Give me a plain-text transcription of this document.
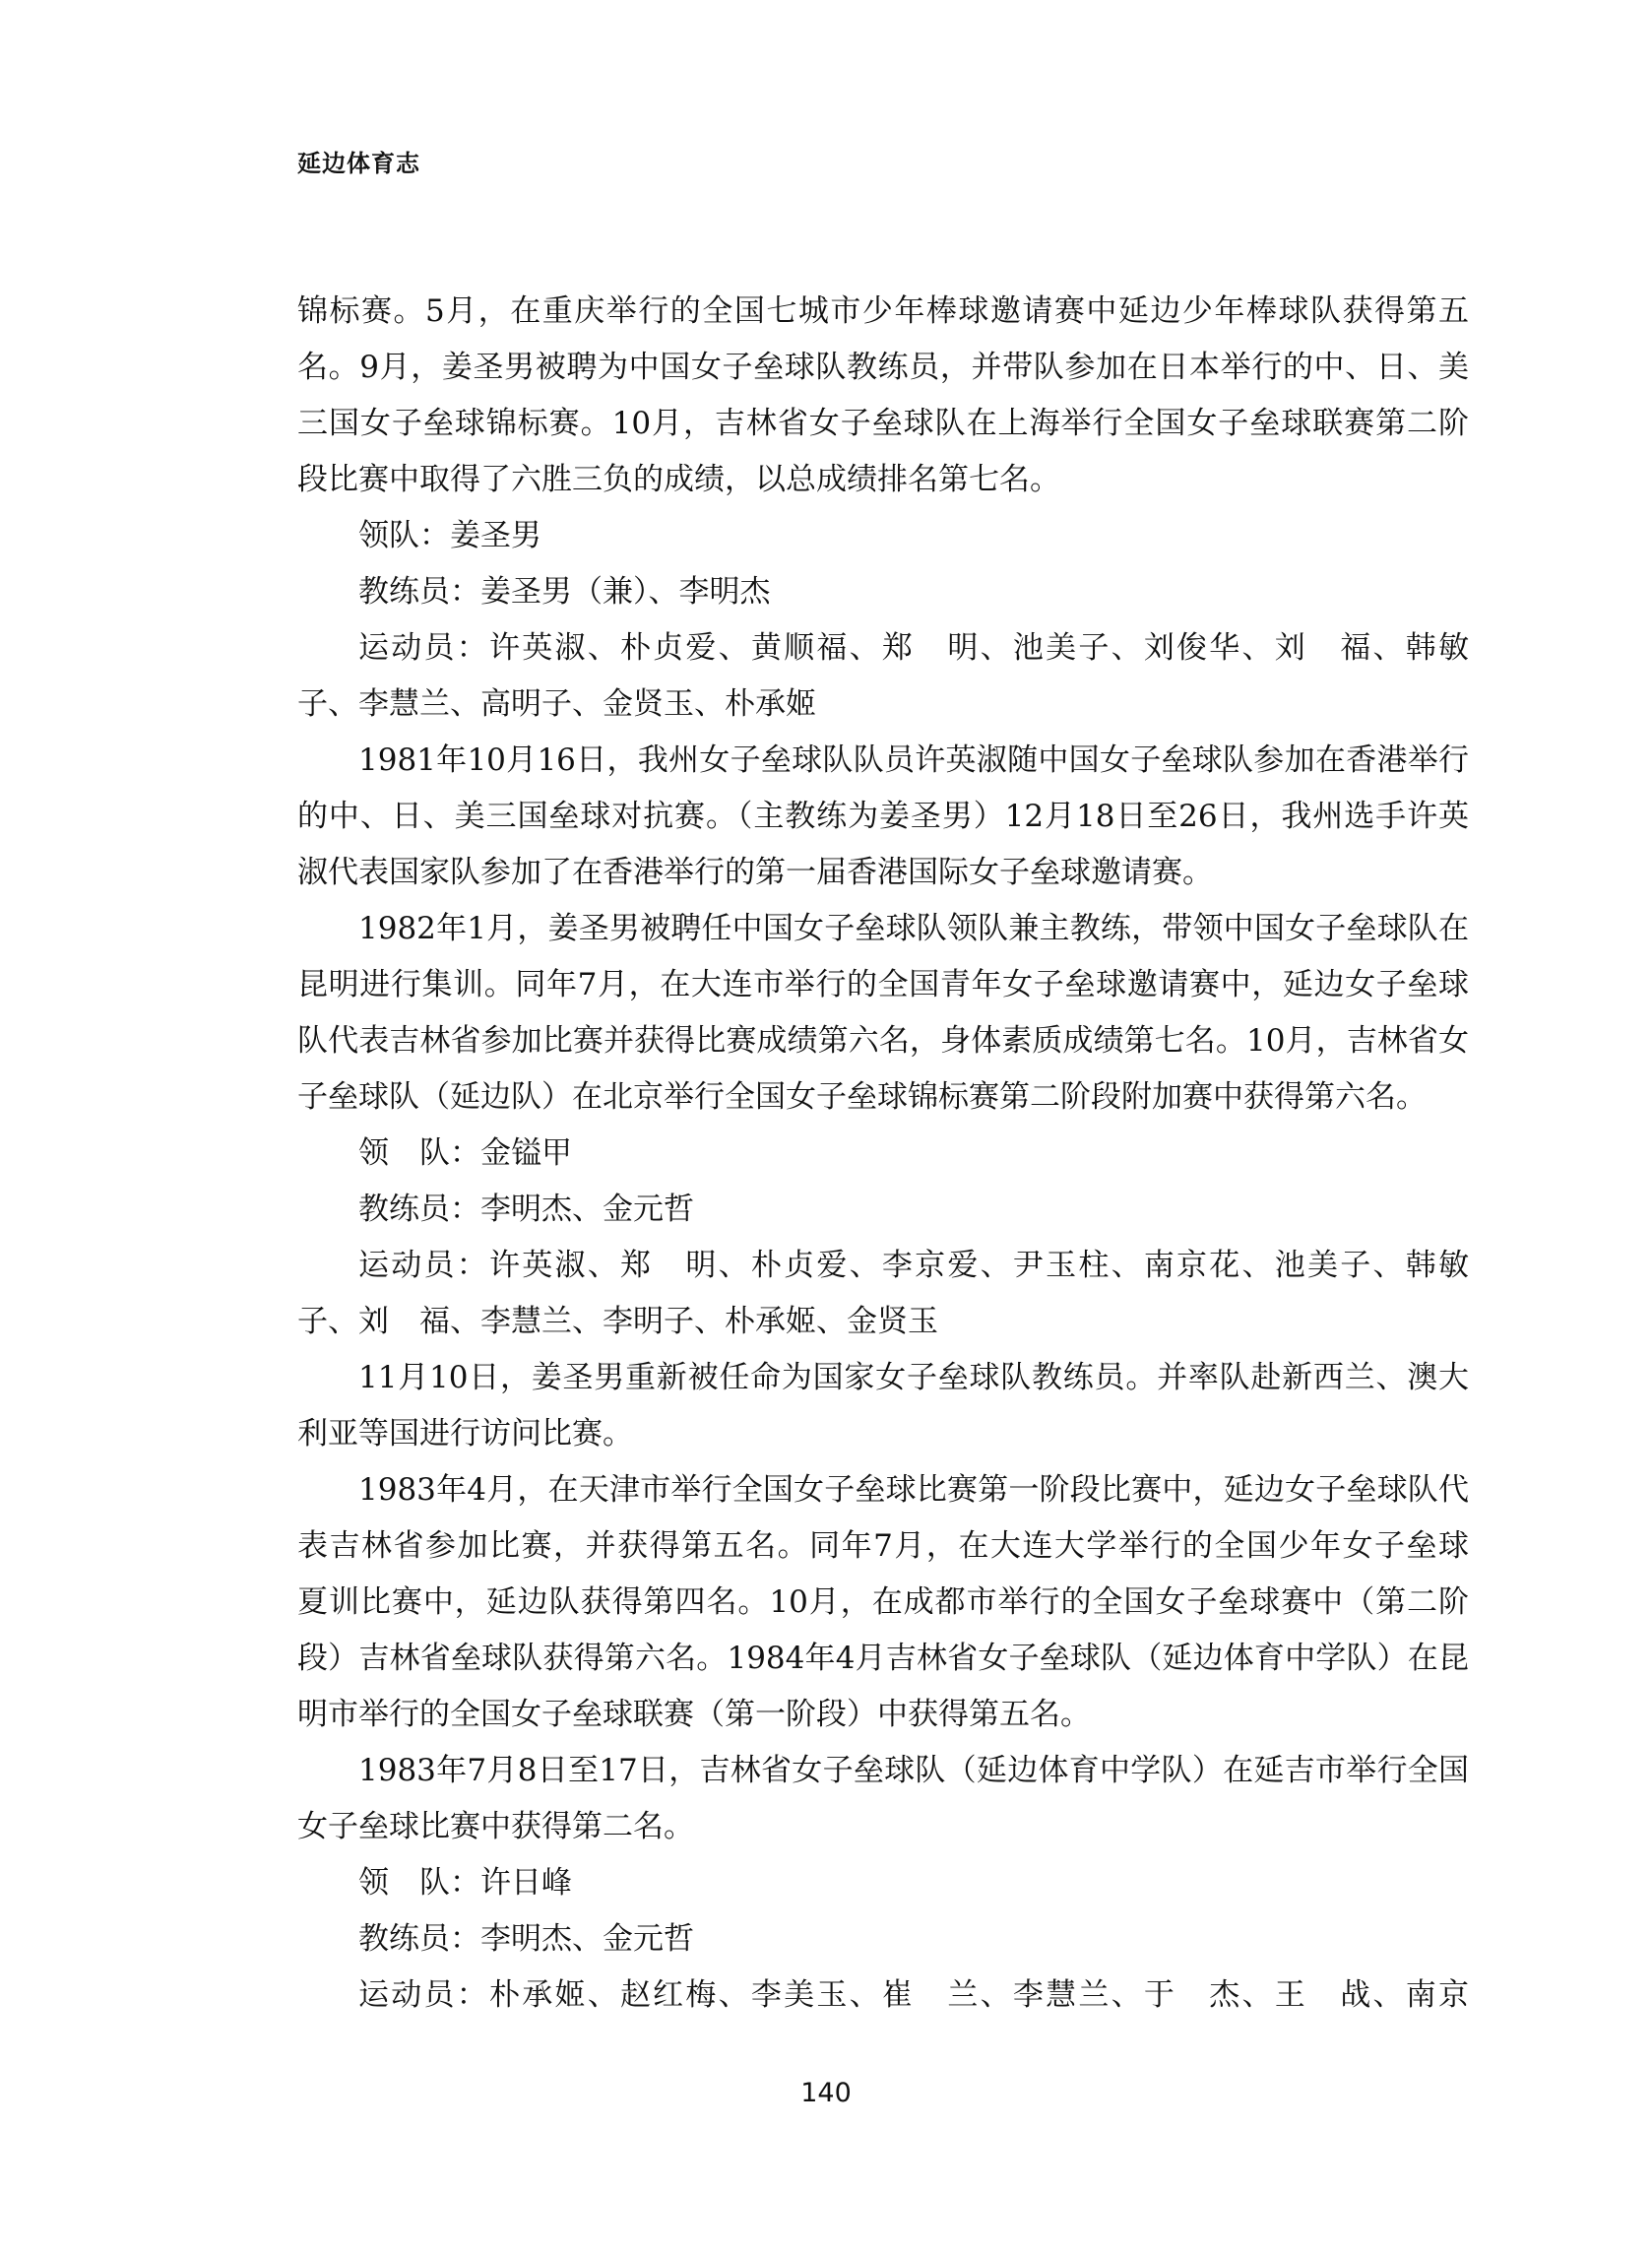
延边体育志
锦标赛。5月，在重庆举行的全国七城市少年棒球邀请赛中延边少年棒球队获得第五
名。9月，姜圣男被聘为中国女子垒球队教练员，并带队参加在日本举行的中、日、美
三国女子垒球锦标赛。10月，吉林省女子垒球队在上海举行全国女子垒球联赛第二阶
段比赛中取得了六胜三负的成绩，以总成绩排名第七名。
领队：姜圣男
教练员：姜圣男（兼）、李明杰
运动员：许英淑、朴贞爱、黄顺福、郑　明、池美子、刘俊华、刘　福、韩敏
子、李慧兰、高明子、金贤玉、朴承姬
1981年10月16日，我州女子垒球队队员许英淑随中国女子垒球队参加在香港举行
的中、日、美三国垒球对抗赛。（主教练为姜圣男）12月18日至26日，我州选手许英
淑代表国家队参加了在香港举行的第一届香港国际女子垒球邀请赛。
1982年1月，姜圣男被聘任中国女子垒球队领队兼主教练，带领中国女子垒球队在
昆明进行集训。同年7月，在大连市举行的全国青年女子垒球邀请赛中，延边女子垒球
队代表吉林省参加比赛并获得比赛成绩第六名，身体素质成绩第七名。10月，吉林省女
子垒球队（延边队）在北京举行全国女子垒球锦标赛第二阶段附加赛中获得第六名。
领　队：金镒甲
教练员：李明杰、金元哲
运动员：许英淑、郑　明、朴贞爱、李京爱、尹玉柱、南京花、池美子、韩敏
子、刘　福、李慧兰、李明子、朴承姬、金贤玉
11月10日，姜圣男重新被任命为国家女子垒球队教练员。并率队赴新西兰、澳大
利亚等国进行访问比赛。
1983年4月，在天津市举行全国女子垒球比赛第一阶段比赛中，延边女子垒球队代
表吉林省参加比赛，并获得第五名。同年7月，在大连大学举行的全国少年女子垒球
夏训比赛中，延边队获得第四名。10月，在成都市举行的全国女子垒球赛中（第二阶
段）吉林省垒球队获得第六名。1984年4月吉林省女子垒球队（延边体育中学队）在昆
明市举行的全国女子垒球联赛（第一阶段）中获得第五名。
1983年7月8日至17日，吉林省女子垒球队（延边体育中学队）在延吉市举行全国
女子垒球比赛中获得第二名。
领　队：许日峰
教练员：李明杰、金元哲
运动员：朴承姬、赵红梅、李美玉、崔　兰、李慧兰、于　杰、王　战、南京
140
